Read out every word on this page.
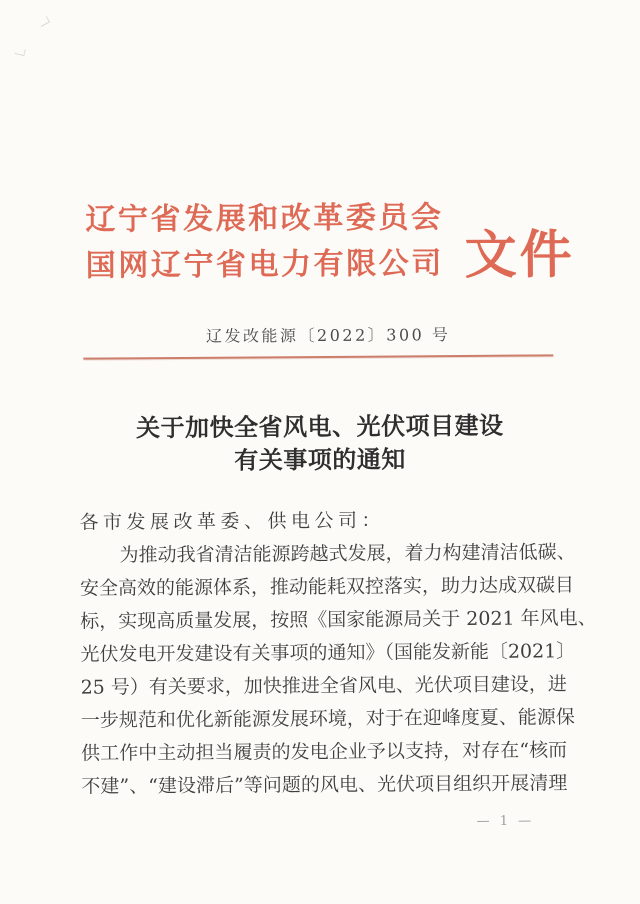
辽宁省发展和改革委员会
国网辽宁省电力有限公司 文件
辽发改能源〔2022〕300 号
关于加快全省风电、光伏项目建设
有关事项的通知
各市发展改革委、供电公司：
为推动我省清洁能源跨越式发展，着力构建清洁低碳、
安全高效的能源体系，推动能耗双控落实，助力达成双碳目
标，实现高质量发展，按照《国家能源局关于 2021 年风电、
光伏发电开发建设有关事项的通知》（国能发新能〔2021〕
25 号）有关要求，加快推进全省风电、光伏项目建设，进
一步规范和优化新能源发展环境，对于在迎峰度夏、能源保
供工作中主动担当履责的发电企业予以支持，对存在“核而
不建”、“建设滞后”等问题的风电、光伏项目组织开展清理
— 1 —
